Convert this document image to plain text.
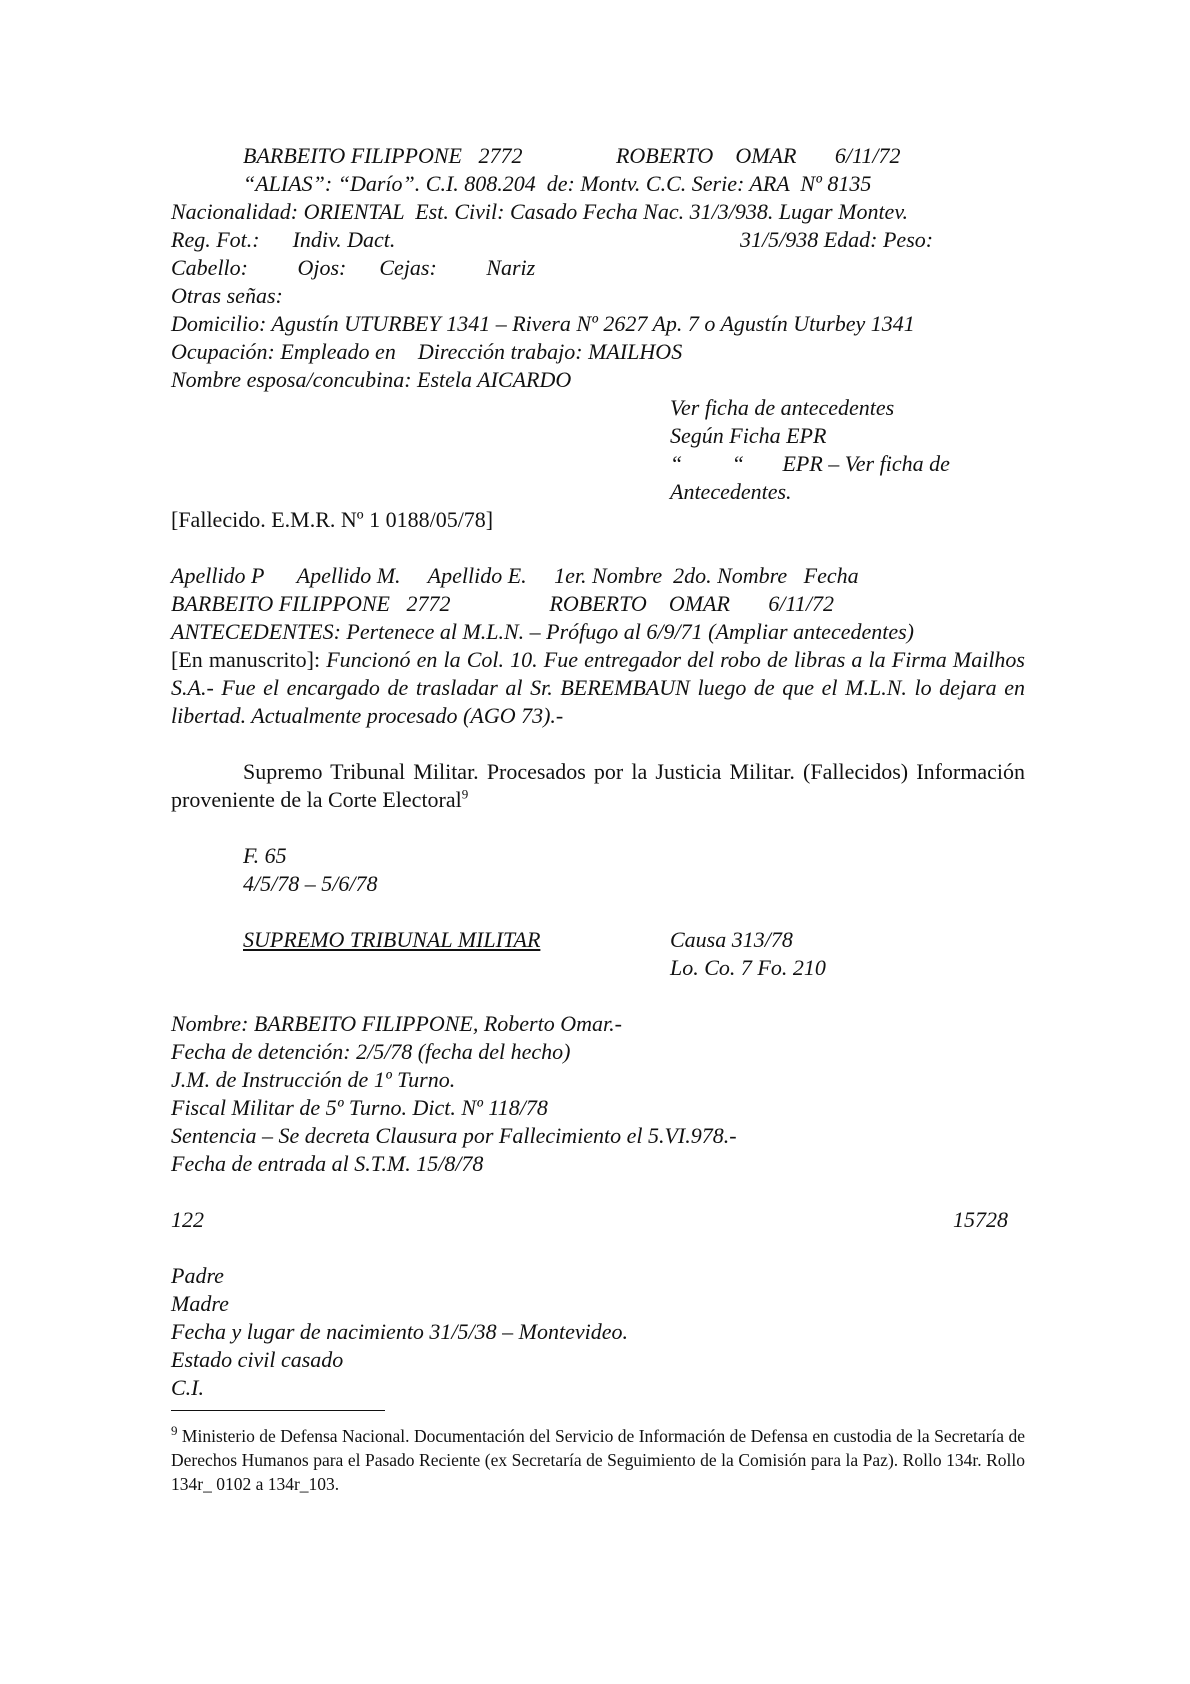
BARBEITO FILIPPONE   2772                 ROBERTO    OMAR       6/11/72
“ALIAS”: “Darío”. C.I. 808.204  de: Montv. C.C. Serie: ARA  Nº 8135
Nacionalidad: ORIENTAL  Est. Civil: Casado Fecha Nac. 31/3/938. Lugar Montev.
Reg. Fot.:      Indiv. Dact.	31/5/938 Edad: Peso:
Cabello:         Ojos:      Cejas:         Nariz
Otras señas:
Domicilio: Agustín UTURBEY 1341 – Rivera Nº 2627 Ap. 7 o Agustín Uturbey 1341
Ocupación: Empleado en    Dirección trabajo: MAILHOS
Nombre esposa/concubina: Estela AICARDO
Ver ficha de antecedentes
Según Ficha EPR
“         “       EPR – Ver ficha de
Antecedentes.
[Fallecido. E.M.R. Nº 1 0188/05/78]
Apellido P      Apellido M.     Apellido E.     1er. Nombre  2do. Nombre   Fecha
BARBEITO FILIPPONE   2772                  ROBERTO    OMAR       6/11/72
ANTECEDENTES: Pertenece al M.L.N. – Prófugo al 6/9/71 (Ampliar antecedentes)
[En manuscrito]: Funcionó en la Col. 10. Fue entregador del robo de libras a la Firma Mailhos S.A.- Fue el encargado de trasladar al Sr. BEREMBAUN luego de que el M.L.N. lo dejara en libertad. Actualmente procesado (AGO 73).-
Supremo Tribunal Militar. Procesados por la Justicia Militar. (Fallecidos) Información proveniente de la Corte Electoral$^9$
F. 65
4/5/78 – 5/6/78
SUPREMO TRIBUNAL MILITAR	Causa 313/78
Lo. Co. 7 Fo. 210
Nombre: BARBEITO FILIPPONE, Roberto Omar.-
Fecha de detención: 2/5/78 (fecha del hecho)
J.M. de Instrucción de 1º Turno.
Fiscal Militar de 5º Turno. Dict. Nº 118/78
Sentencia – Se decreta Clausura por Fallecimiento el 5.VI.978.-
Fecha de entrada al S.T.M. 15/8/78
122	15728
Padre
Madre
Fecha y lugar de nacimiento 31/5/38 – Montevideo.
Estado civil casado
C.I.
$^9$ Ministerio de Defensa Nacional. Documentación del Servicio de Información de Defensa en custodia de la Secretaría de Derechos Humanos para el Pasado Reciente (ex Secretaría de Seguimiento de la Comisión para la Paz). Rollo 134r. Rollo 134r_ 0102 a 134r_103.
